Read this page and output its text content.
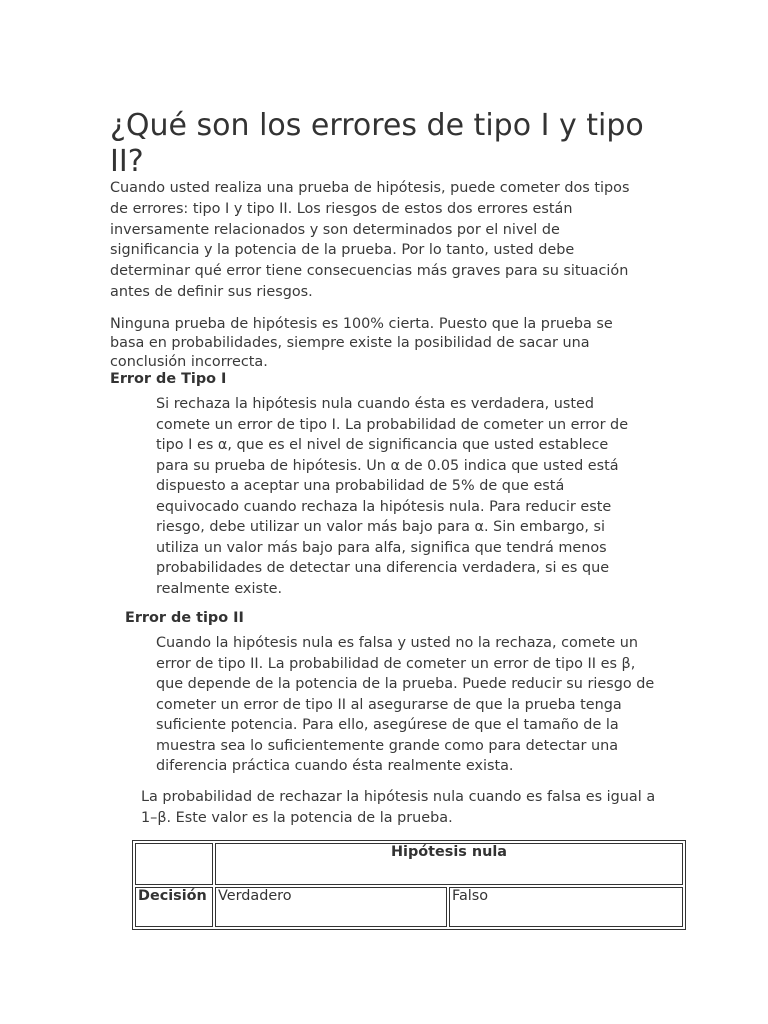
¿Qué son los errores de tipo I y tipo II?

Cuando usted realiza una prueba de hipótesis, puede cometer dos tipos de errores: tipo I y tipo II. Los riesgos de estos dos errores están inversamente relacionados y son determinados por el nivel de significancia y la potencia de la prueba. Por lo tanto, usted debe determinar qué error tiene consecuencias más graves para su situación antes de definir sus riesgos.

Ninguna prueba de hipótesis es 100% cierta. Puesto que la prueba se basa en probabilidades, siempre existe la posibilidad de sacar una conclusión incorrecta.

Error de Tipo I

Si rechaza la hipótesis nula cuando ésta es verdadera, usted comete un error de tipo I. La probabilidad de cometer un error de tipo I es α, que es el nivel de significancia que usted establece para su prueba de hipótesis. Un α de 0.05 indica que usted está dispuesto a aceptar una probabilidad de 5% de que está equivocado cuando rechaza la hipótesis nula. Para reducir este riesgo, debe utilizar un valor más bajo para α. Sin embargo, si utiliza un valor más bajo para alfa, significa que tendrá menos probabilidades de detectar una diferencia verdadera, si es que realmente existe.

Error de tipo II

Cuando la hipótesis nula es falsa y usted no la rechaza, comete un error de tipo II. La probabilidad de cometer un error de tipo II es β, que depende de la potencia de la prueba. Puede reducir su riesgo de cometer un error de tipo II al asegurarse de que la prueba tenga suficiente potencia. Para ello, asegúrese de que el tamaño de la muestra sea lo suficientemente grande como para detectar una diferencia práctica cuando ésta realmente exista.

La probabilidad de rechazar la hipótesis nula cuando es falsa es igual a 1–β. Este valor es la potencia de la prueba.

	Hipótesis nula	
Decisión	Verdadero	Falso
